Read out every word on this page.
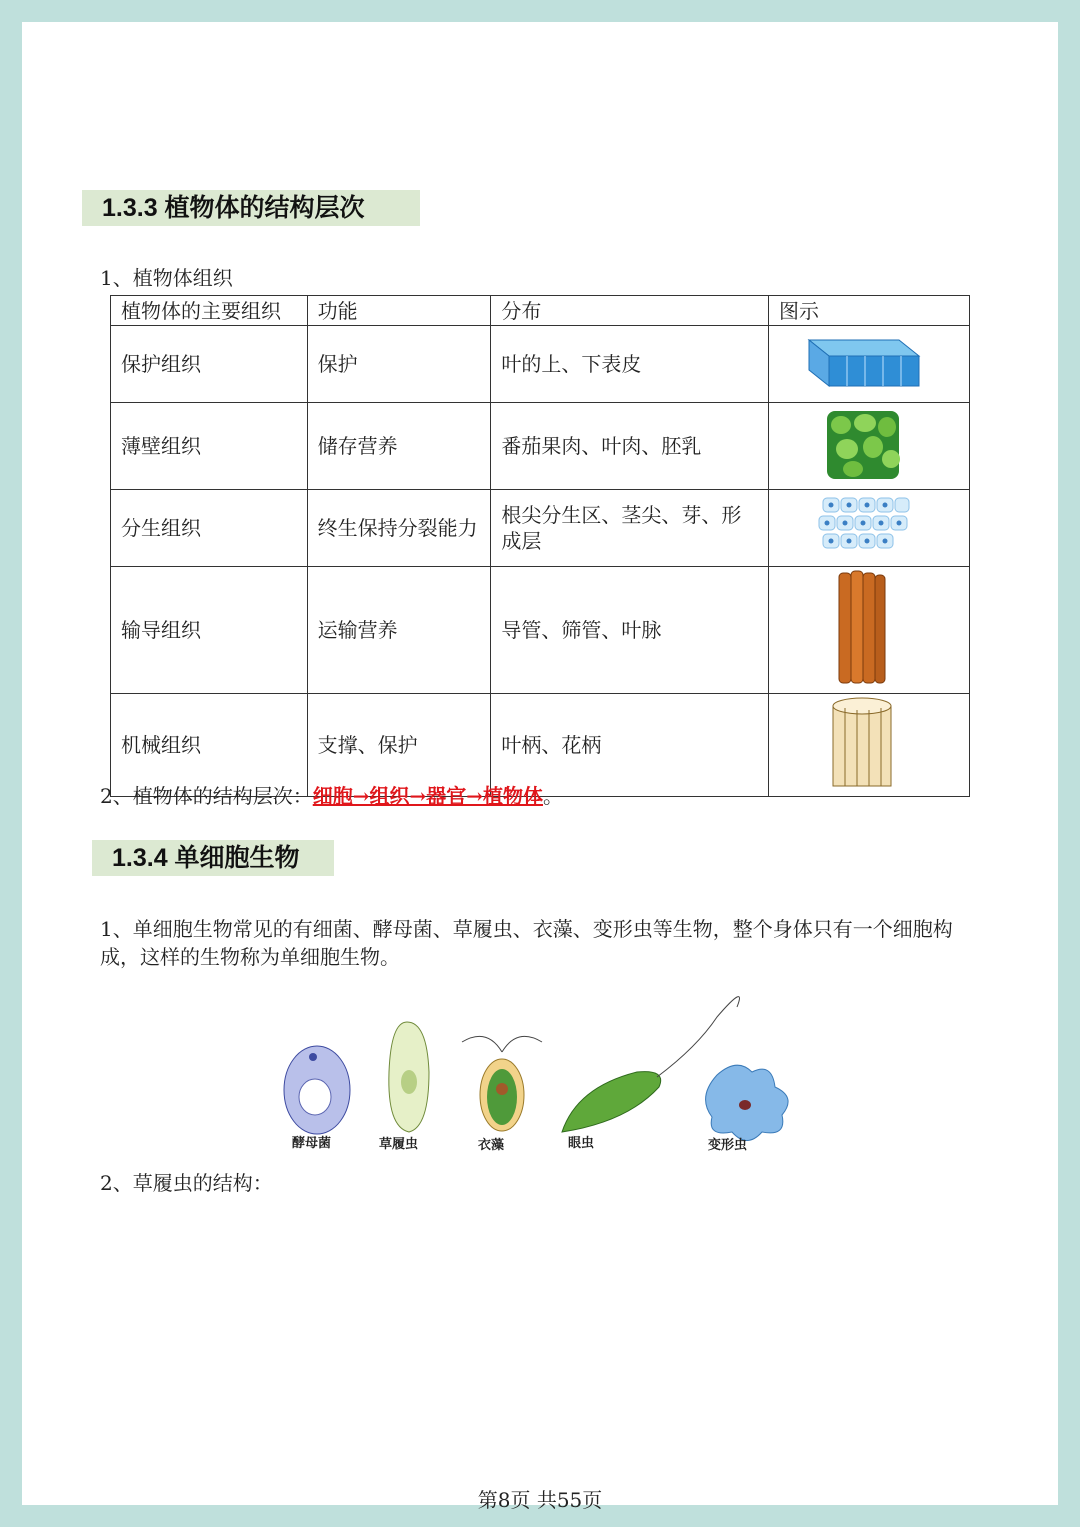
1.3.3 植物体的结构层次
1、植物体组织
植物体的主要组织	功能	分布	图示
保护组织	保护	叶的上、下表皮	
薄壁组织	储存营养	番茄果肉、叶肉、胚乳	
分生组织	终生保持分裂能力	根尖分生区、茎尖、芽、形成层	
输导组织	运输营养	导管、筛管、叶脉	
机械组织	支撑、保护	叶柄、花柄	
2、植物体的结构层次：细胞→组织→器官→植物体。
1.3.4 单细胞生物
1、单细胞生物常见的有细菌、酵母菌、草履虫、衣藻、变形虫等生物，整个身体只有一个细胞构成，这样的生物称为单细胞生物。
酵母菌	草履虫	衣藻	眼虫	变形虫
2、草履虫的结构：
第8页 共55页
